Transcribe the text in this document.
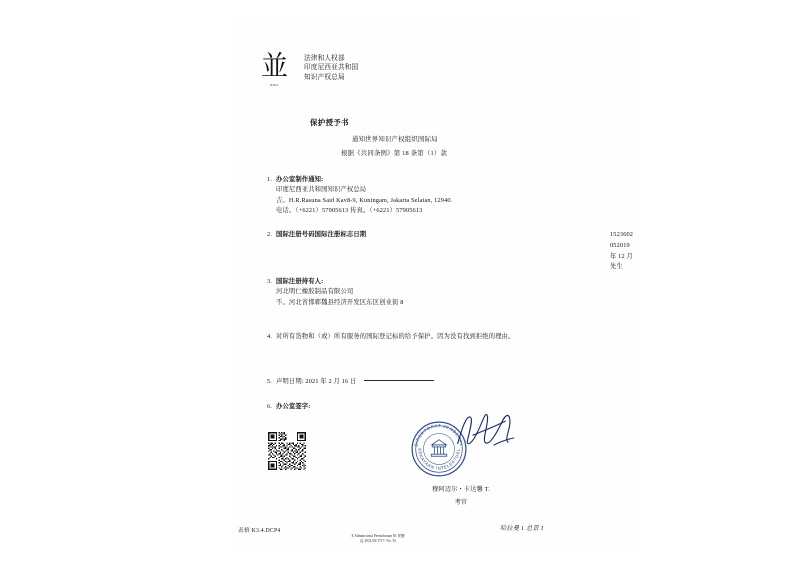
並
DJKI
法律和人权部
印度尼西亚共和国
知识产权总局
保护授予书
通知世界知识产权组织国际局
根据《共同条例》第 18 条第（1）款
1. 办公室制作通知:
印度尼西亚共和国知识产权总局
吉。H.R.Rasuna Said Kav8-9, Kuningam, Jakarta Selatan, 12940.
电话。（+6221）57905613 传真。（+6221）57905613
2. 国际注册号码国际注册标志日期	1523602
052019 年 12 月
先生
3. 国际注册持有人:
河北明仁橡胶制品有限公司
不。河北省邯郸魏县经济开发区东区创业街 8
4. 对所有货物和（或）所有服务的国际登记标的给予保护。因为没有找到拒绝的理由。
5. 声明日期: 2021 年 2 月 16 日
6. 办公室签字:
DIREKTORAT JENDERAL
KEKAYAAN INTELEKTUAL
穆阿迈尔・卡达馨 T.
考官
表格 K3.4.DCP4	哈拉曼 1 总景 1
E Administrasi Permohonan 83 景響
直 2021/03/1717: No. 55
